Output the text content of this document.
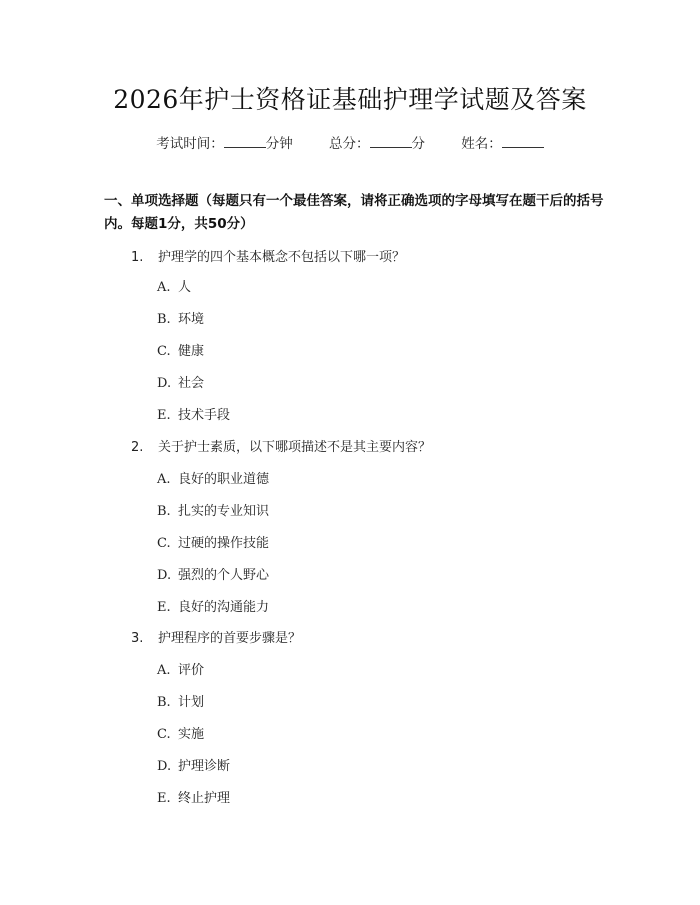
2026年护士资格证基础护理学试题及答案
考试时间：	分钟	总分：	分	姓名：
一、单项选择题（每题只有一个最佳答案，请将正确选项的字母填写在题干后的括号内。每题1分，共50分）
1. 护理学的四个基本概念不包括以下哪一项？
A. 人
B. 环境
C. 健康
D. 社会
E. 技术手段
2. 关于护士素质，以下哪项描述不是其主要内容？
A. 良好的职业道德
B. 扎实的专业知识
C. 过硬的操作技能
D. 强烈的个人野心
E. 良好的沟通能力
3. 护理程序的首要步骤是？
A. 评价
B. 计划
C. 实施
D. 护理诊断
E. 终止护理
